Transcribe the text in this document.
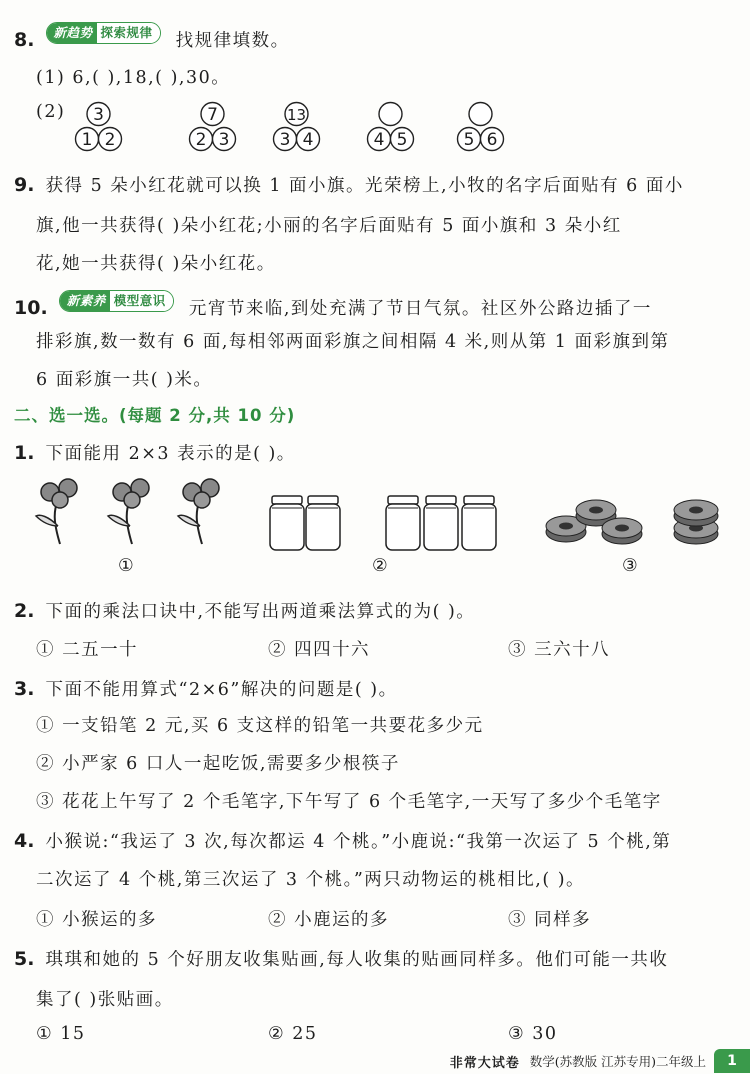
8. 新趋势 探索规律 找规律填数。
(1) 6,( ),18,( ),30。
(2) 3
1 2
7
2 3
13
3 4	4 5	5 6
9. 获得 5 朵小红花就可以换 1 面小旗。光荣榜上,小牧的名字后面贴有 6 面小
旗,他一共获得( )朵小红花;小丽的名字后面贴有 5 面小旗和 3 朵小红
花,她一共获得( )朵小红花。
10. 新素养 模型意识 元宵节来临,到处充满了节日气氛。社区外公路边插了一
排彩旗,数一数有 6 面,每相邻两面彩旗之间相隔 4 米,则从第 1 面彩旗到第
6 面彩旗一共( )米。
二、选一选。(每题 2 分,共 10 分)
1. 下面能用 2×3 表示的是( )。
①	②	③
2. 下面的乘法口诀中,不能写出两道乘法算式的为( )。
① 二五一十	② 四四十六	③ 三六十八
3. 下面不能用算式“2×6”解决的问题是( )。
① 一支铅笔 2 元,买 6 支这样的铅笔一共要花多少元
② 小严家 6 口人一起吃饭,需要多少根筷子
③ 花花上午写了 2 个毛笔字,下午写了 6 个毛笔字,一天写了多少个毛笔字
4. 小猴说:“我运了 3 次,每次都运 4 个桃。”小鹿说:“我第一次运了 5 个桃,第
二次运了 4 个桃,第三次运了 3 个桃。”两只动物运的桃相比,( )。
① 小猴运的多	② 小鹿运的多	③ 同样多
5. 琪琪和她的 5 个好朋友收集贴画,每人收集的贴画同样多。他们可能一共收
集了( )张贴画。
① 15	② 25	③ 30
非常大试卷 数学(苏教版 江苏专用)二年级上	1
